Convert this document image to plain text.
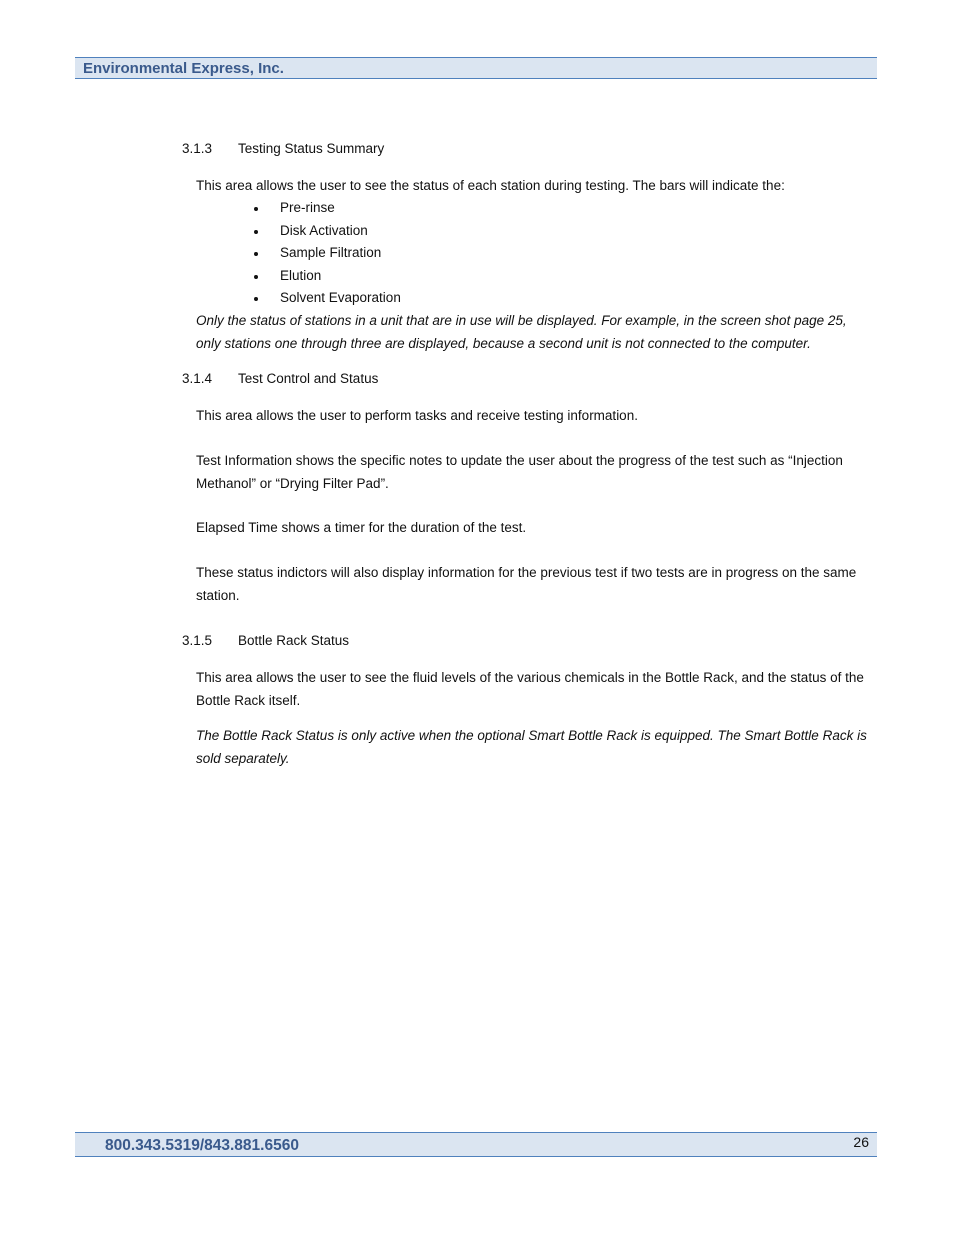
Environmental Express, Inc.
3.1.3 Testing Status Summary
This area allows the user to see the status of each station during testing. The bars will indicate the:
Pre-rinse
Disk Activation
Sample Filtration
Elution
Solvent Evaporation
Only the status of stations in a unit that are in use will be displayed. For example, in the screen shot page 25, only stations one through three are displayed, because a second unit is not connected to the computer.
3.1.4 Test Control and Status
This area allows the user to perform tasks and receive testing information.
Test Information shows the specific notes to update the user about the progress of the test such as “Injection Methanol” or “Drying Filter Pad”.
Elapsed Time shows a timer for the duration of the test.
These status indictors will also display information for the previous test if two tests are in progress on the same station.
3.1.5 Bottle Rack Status
This area allows the user to see the fluid levels of the various chemicals in the Bottle Rack, and the status of the Bottle Rack itself.
The Bottle Rack Status is only active when the optional Smart Bottle Rack is equipped. The Smart Bottle Rack is sold separately.
800.343.5319/843.881.6560	26
